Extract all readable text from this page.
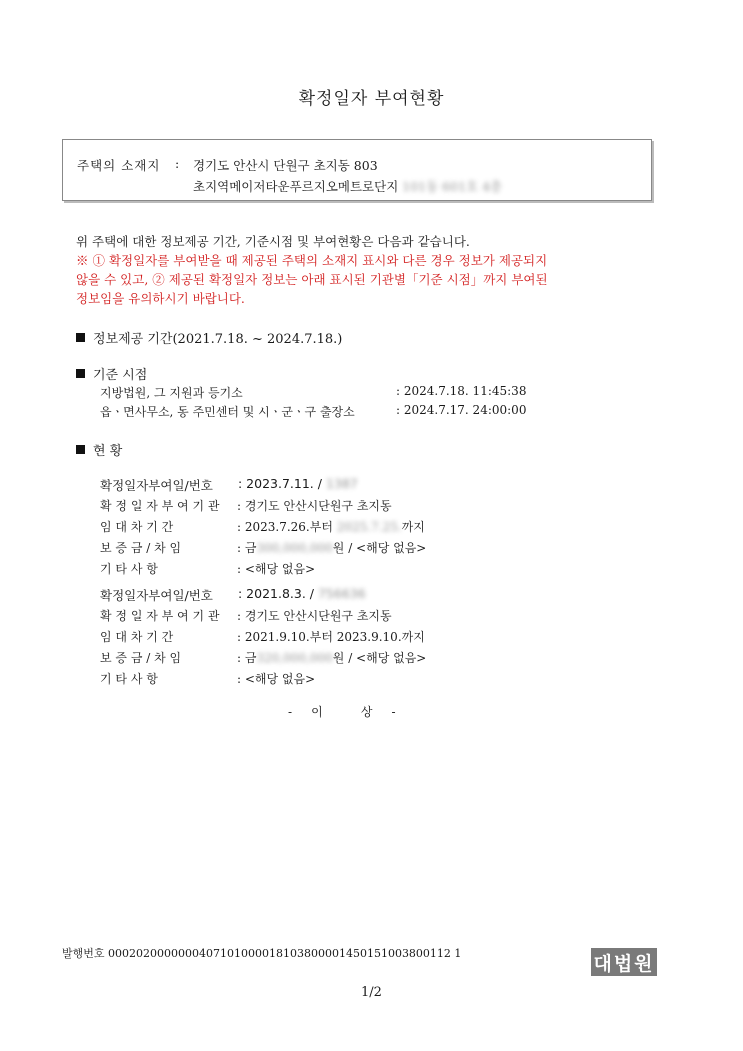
확정일자 부여현황
주택의 소재지 : 경기도 안산시 단원구 초지동 803
초지역메이저타운푸르지오메트로단지 101동 601호 4층
위 주택에 대한 정보제공 기간, 기준시점 및 부여현황은 다음과 같습니다.
※ ① 확정일자를 부여받을 때 제공된 주택의 소재지 표시와 다른 경우 정보가 제공되지
않을 수 있고, ② 제공된 확정일자 정보는 아래 표시된 기관별「기준 시점」까지 부여된
정보임을 유의하시기 바랍니다.
정보제공 기간(2021.7.18. ~ 2024.7.18.)
기준 시점
지방법원, 그 지원과 등기소	: 2024.7.18. 11:45:38
읍ㆍ면사무소, 동 주민센터 및 시ㆍ군ㆍ구 출장소	: 2024.7.17. 24:00:00
현 황
확정일자부여일/번호 : 2023.7.11. / 1387
확 정 일 자 부 여 기 관 : 경기도 안산시단원구 초지동
임 대 차 기 간	: 2023.7.26.부터 2025.7.25.까지
보 증 금 / 차 임	: 금300,000,000원 / <해당 없음>
기 타 사 항	: <해당 없음>
확정일자부여일/번호 : 2021.8.3. / 756636
확 정 일 자 부 여 기 관 : 경기도 안산시단원구 초지동
임 대 차 기 간	: 2021.9.10.부터 2023.9.10.까지
보 증 금 / 차 임	: 금320,000,000원 / <해당 없음>
기 타 사 항	: <해당 없음>
-     이          상     -
발행번호 0002020000000407101000018103800001450151003800112 1	대법원
1/2
